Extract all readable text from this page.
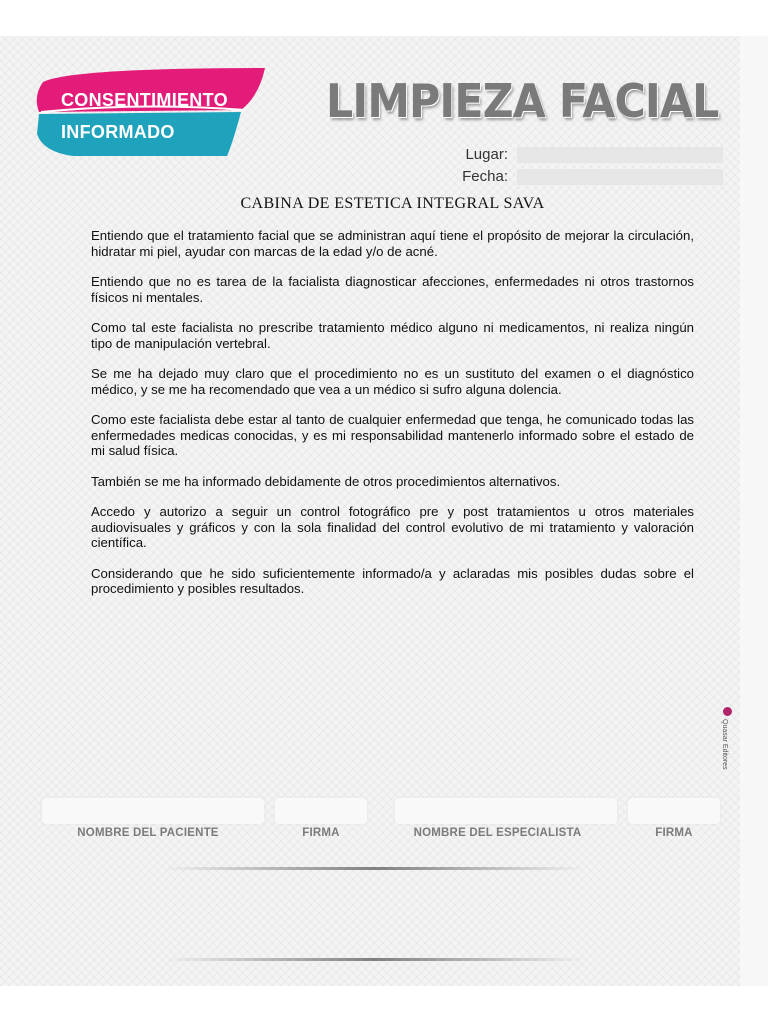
CONSENTIMIENTO
INFORMADO
LIMPIEZA FACIAL
Lugar:
Fecha:
CABINA DE ESTETICA INTEGRAL SAVA

Entiendo que el tratamiento facial que se administran aquí tiene el propósito de mejorar la circulación, hidratar mi piel, ayudar con marcas de la edad y/o de acné.

Entiendo que no es tarea de la facialista diagnosticar afecciones, enfermedades ni otros trastornos físicos ni mentales.

Como tal este facialista no prescribe tratamiento médico alguno ni medicamentos, ni realiza ningún tipo de manipulación vertebral.

Se me ha dejado muy claro que el procedimiento no es un sustituto del examen o el diagnóstico médico, y se me ha recomendado que vea a un médico si sufro alguna dolencia.

Como este facialista debe estar al tanto de cualquier enfermedad que tenga, he comunicado todas las enfermedades medicas conocidas, y es mi responsabilidad mantenerlo informado sobre el estado de mi salud física.

También se me ha informado debidamente de otros procedimientos alternativos.

Accedo y autorizo a seguir un control fotográfico pre y post tratamientos u otros materiales audiovisuales y gráficos y con la sola finalidad del control evolutivo de mi tratamiento y valoración científica.

Considerando que he sido suficientemente informado/a y aclaradas mis posibles dudas sobre el procedimiento y posibles resultados.

Quasar Editores
NOMBRE DEL PACIENTE	FIRMA	NOMBRE DEL ESPECIALISTA	FIRMA
